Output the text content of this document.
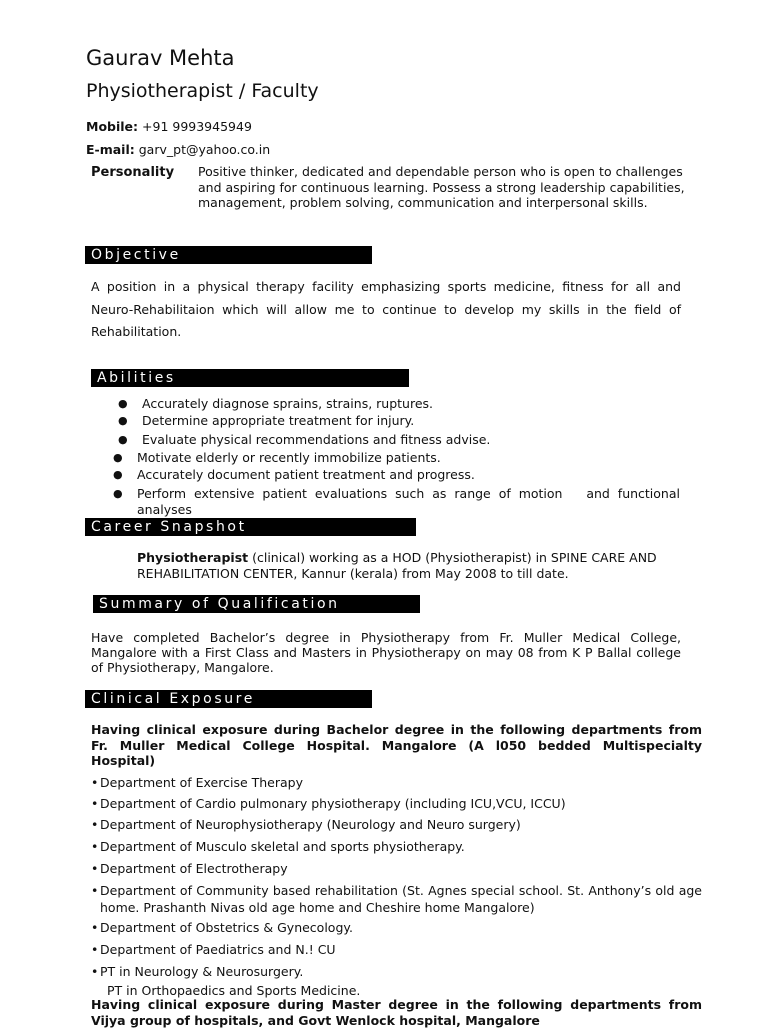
Gaurav Mehta
Physiotherapist / Faculty
Mobile: +91 9993945949
E-mail: garv_pt@yahoo.co.in
Personality Positive thinker, dedicated and dependable person who is open to challenges and aspiring for continuous learning. Possess a strong leadership capabilities, management, problem solving, communication and interpersonal skills.
Objective
A position in a physical therapy facility emphasizing sports medicine, fitness for all and Neuro-Rehabilitaion which will allow me to continue to develop my skills in the field of Rehabilitation.
Abilities
● Accurately diagnose sprains, strains, ruptures.
● Determine appropriate treatment for injury.
● Evaluate physical recommendations and fitness advise.
● Motivate elderly or recently immobilize patients.
● Accurately document patient treatment and progress.
● Perform extensive patient evaluations such as range of motion   and functional
analyses
Career Snapshot
Physiotherapist (clinical) working as a HOD (Physiotherapist) in SPINE CARE AND REHABILITATION CENTER, Kannur (kerala) from May 2008 to till date.
Summary of Qualification
Have completed Bachelor’s degree in Physiotherapy from Fr. Muller Medical College, Mangalore with a First Class and Masters in Physiotherapy on may 08 from K P Ballal college of Physiotherapy, Mangalore.
Clinical Exposure
Having clinical exposure during Bachelor degree in the following departments from Fr. Muller Medical College Hospital. Mangalore (A l050 bedded Multispecialty Hospital)
• Department of Exercise Therapy
• Department of Cardio pulmonary physiotherapy (including ICU,VCU, ICCU)
• Department of Neurophysiotherapy (Neurology and Neuro surgery)
• Department of Musculo skeletal and sports physiotherapy.
• Department of Electrotherapy
• Department of Community based rehabilitation (St. Agnes special school. St. Anthony’s old age home. Prashanth Nivas old age home and Cheshire home Mangalore)
• Department of Obstetrics & Gynecology.
• Department of Paediatrics and N.! CU
• PT in Neurology & Neurosurgery.
PT in Orthopaedics and Sports Medicine.
Having clinical exposure during Master degree in the following departments from Vijya group of hospitals, and Govt Wenlock hospital, Mangalore
